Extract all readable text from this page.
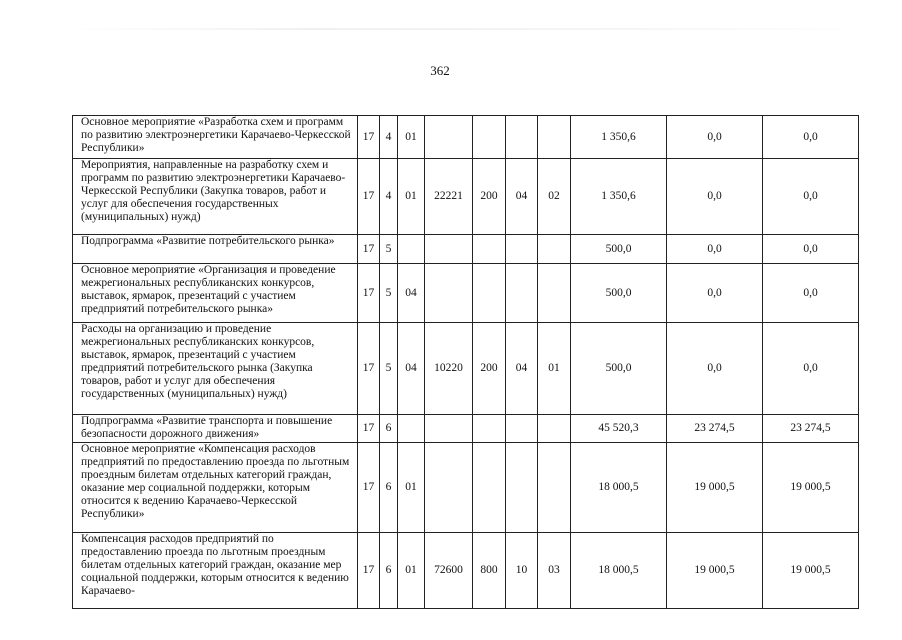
362
Основное мероприятие «Разработка схем и программ по развитию электроэнергетики Карачаево-Черкесской Республики»	17	4	01					1 350,6	0,0	0,0
Мероприятия, направленные на разработку схем и программ по развитию электроэнергетики Карачаево-Черкесской Республики (Закупка товаров, работ и услуг для обеспечения государственных (муниципальных) нужд)	17	4	01	22221	200	04	02	1 350,6	0,0	0,0
Подпрограмма «Развитие потребительского рынка»	17	5						500,0	0,0	0,0
Основное мероприятие «Организация и проведение межрегиональных республиканских конкурсов, выставок, ярмарок, презентаций с участием предприятий потребительского рынка»	17	5	04					500,0	0,0	0,0
Расходы на организацию и проведение межрегиональных республиканских конкурсов, выставок, ярмарок, презентаций с участием предприятий потребительского рынка (Закупка товаров, работ и услуг для обеспечения государственных (муниципальных) нужд)	17	5	04	10220	200	04	01	500,0	0,0	0,0
Подпрограмма «Развитие транспорта и повышение безопасности дорожного движения»	17	6						45 520,3	23 274,5	23 274,5
Основное мероприятие «Компенсация расходов предприятий по предоставлению проезда по льготным проездным билетам отдельных категорий граждан, оказание мер социальной поддержки, которым относится к ведению Карачаево-Черкесской Республики»	17	6	01					18 000,5	19 000,5	19 000,5
Компенсация расходов предприятий по предоставлению проезда по льготным проездным билетам отдельных категорий граждан, оказание мер социальной поддержки, которым относится к ведению Карачаево-	17	6	01	72600	800	10	03	18 000,5	19 000,5	19 000,5
